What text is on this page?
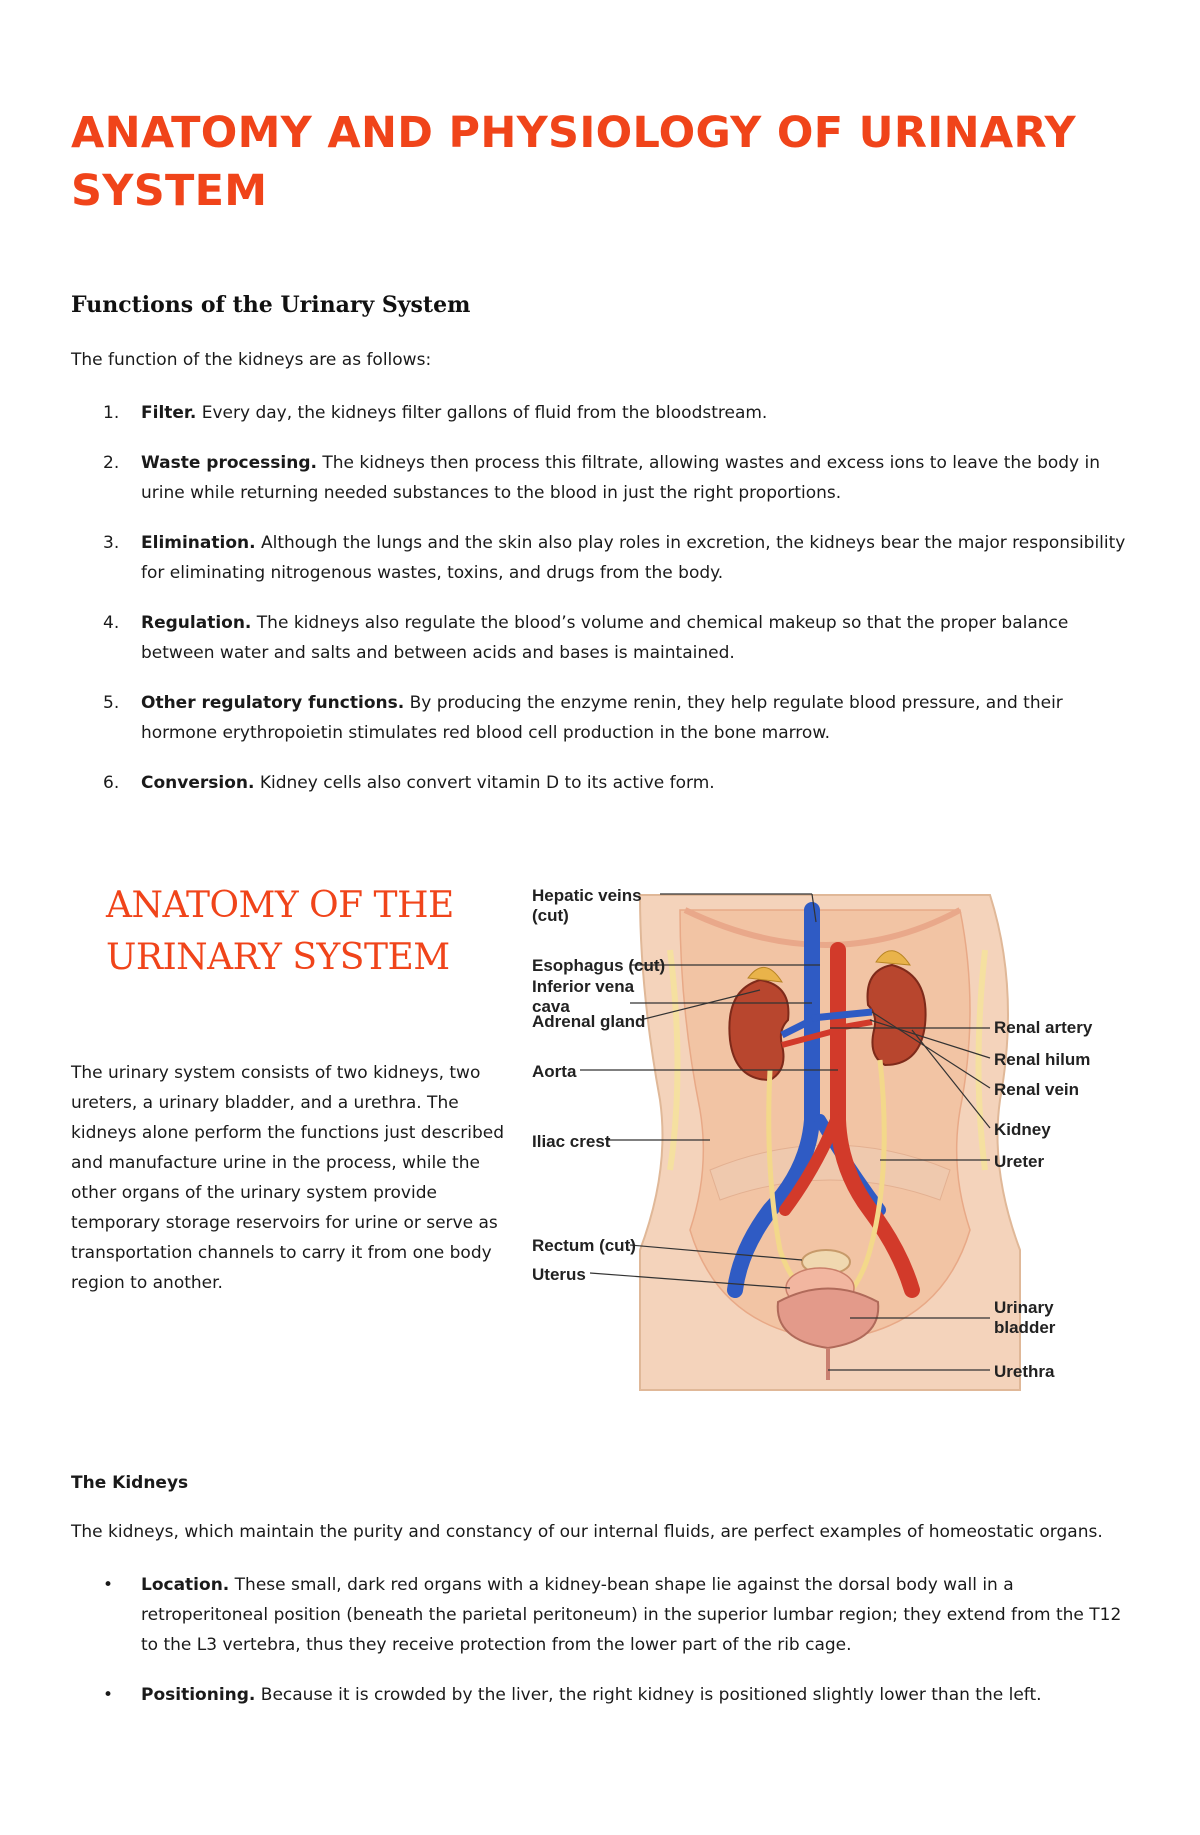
ANATOMY AND PHYSIOLOGY OF URINARY SYSTEM
Functions of the Urinary System

The function of the kidneys are as follows:

1. Filter. Every day, the kidneys filter gallons of fluid from the bloodstream.
2. Waste processing. The kidneys then process this filtrate, allowing wastes and excess ions to leave the body in urine while returning needed substances to the blood in just the right proportions.
3. Elimination. Although the lungs and the skin also play roles in excretion, the kidneys bear the major responsibility for eliminating nitrogenous wastes, toxins, and drugs from the body.
4. Regulation. The kidneys also regulate the blood’s volume and chemical makeup so that the proper balance between water and salts and between acids and bases is maintained.
5. Other regulatory functions. By producing the enzyme renin, they help regulate blood pressure, and their hormone erythropoietin stimulates red blood cell production in the bone marrow.
6. Conversion. Kidney cells also convert vitamin D to its active form.
ANATOMY OF THE URINARY SYSTEM

The urinary system consists of two kidneys, two ureters, a urinary bladder, and a urethra. The kidneys alone perform the functions just described and manufacture urine in the process, while the other organs of the urinary system provide temporary storage reservoirs for urine or serve as transportation channels to carry it from one body region to another.

Hepatic veins (cut)
Esophagus (cut)
Inferior vena cava
Adrenal gland
Aorta
Iliac crest
Rectum (cut)
Uterus
Renal artery
Renal hilum
Renal vein
Kidney
Ureter
Urinary bladder
Urethra
The Kidneys

The kidneys, which maintain the purity and constancy of our internal fluids, are perfect examples of homeostatic organs.

• Location. These small, dark red organs with a kidney-bean shape lie against the dorsal body wall in a retroperitoneal position (beneath the parietal peritoneum) in the superior lumbar region; they extend from the T12 to the L3 vertebra, thus they receive protection from the lower part of the rib cage.
• Positioning. Because it is crowded by the liver, the right kidney is positioned slightly lower than the left.
